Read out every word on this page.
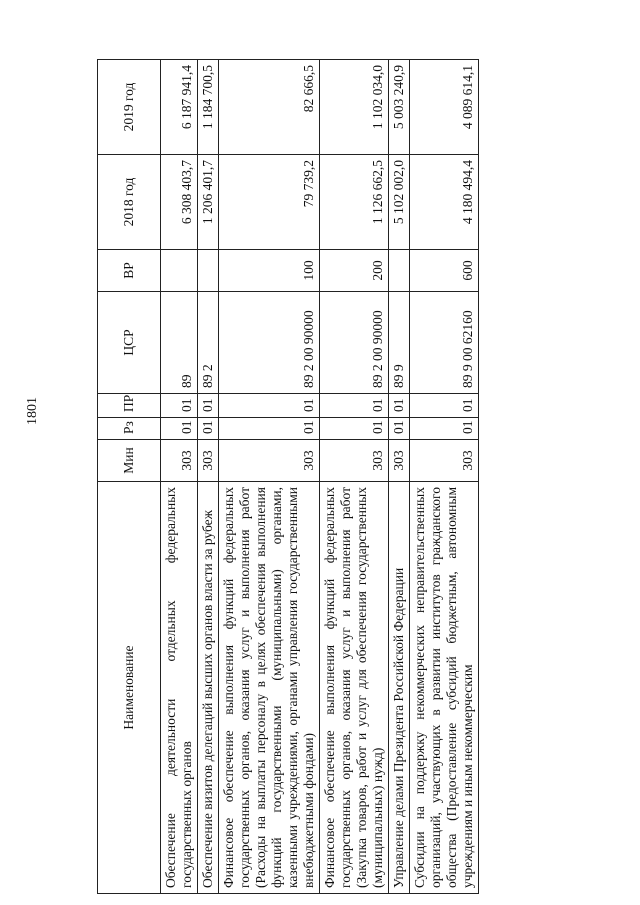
1801
Наименование	Мин	Рз	ПР	ЦСР	ВР	2018 год	2019 год
Обеспечение деятельности отдельных федеральных государственных органов	303	01	01	89		6 308 403,7	6 187 941,4
Обеспечение визитов делегаций высших органов власти за рубеж	303	01	01	89 2		1 206 401,7	1 184 700,5
Финансовое обеспечение выполнения функций федеральных государственных органов, оказания услуг и выполнения работ (Расходы на выплаты персоналу в целях обеспечения выполнения функций государственными (муниципальными) органами, казенными учреждениями, органами управления государственными внебюджетными фондами)	303	01	01	89 2 00 90000	100	79 739,2	82 666,5
Финансовое обеспечение выполнения функций федеральных государственных органов, оказания услуг и выполнения работ (Закупка товаров, работ и услуг для обеспечения государственных (муниципальных) нужд)	303	01	01	89 2 00 90000	200	1 126 662,5	1 102 034,0
Управление делами Президента Российской Федерации	303	01	01	89 9		5 102 002,0	5 003 240,9
Субсидии на поддержку некоммерческих неправительственных организаций, участвующих в развитии институтов гражданского общества (Предоставление субсидий бюджетным, автономным учреждениям и иным некоммерческим	303	01	01	89 9 00 62160	600	4 180 494,4	4 089 614,1
